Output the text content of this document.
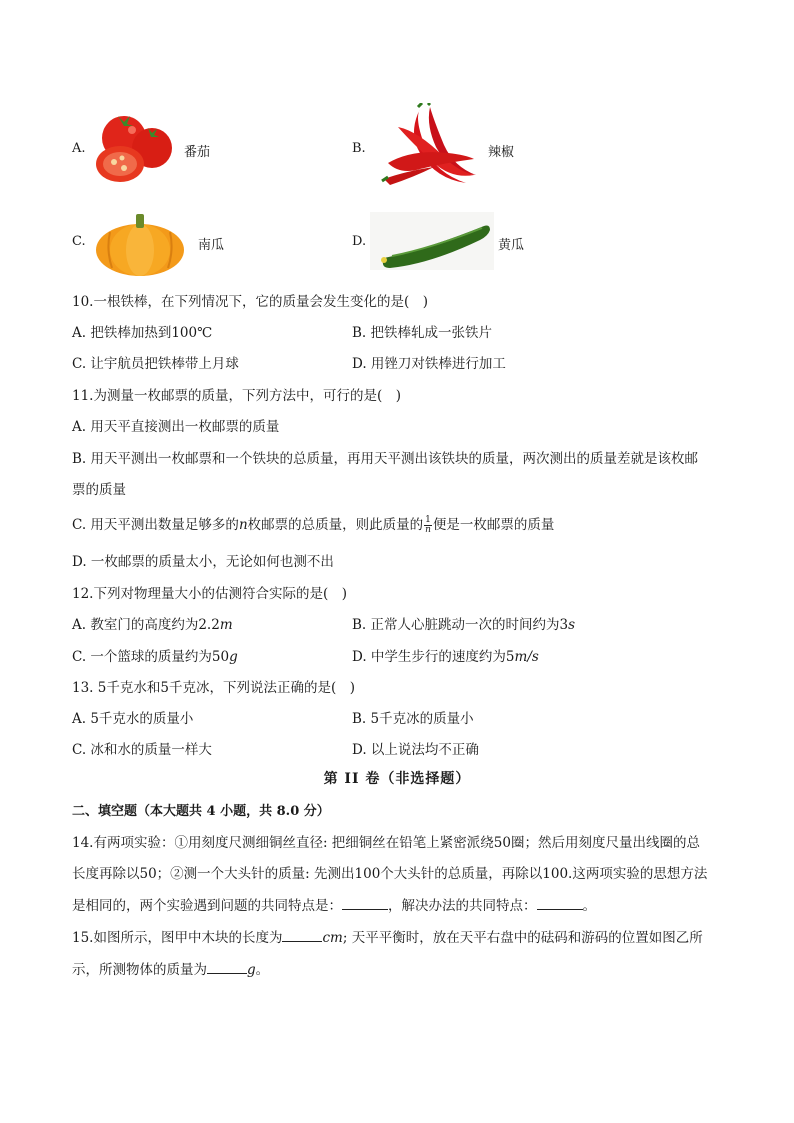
A.	番茄	B.	辣椒
C.	南瓜	D.	黄瓜
10.一根铁棒，在下列情况下，它的质量会发生变化的是(　)
A. 把铁棒加热到100℃	B. 把铁棒轧成一张铁片
C. 让宇航员把铁棒带上月球	D. 用锉刀对铁棒进行加工
11.为测量一枚邮票的质量，下列方法中，可行的是(　)
A. 用天平直接测出一枚邮票的质量
B. 用天平测出一枚邮票和一个铁块的总质量，再用天平测出该铁块的质量，两次测出的质量差就是该枚邮
票的质量
C. 用天平测出数量足够多的n枚邮票的总质量，则此质量的 $\frac{1}{n}$ 便是一枚邮票的质量
D. 一枚邮票的质量太小，无论如何也测不出
12.下列对物理量大小的估测符合实际的是(　)
A. 教室门的高度约为2.2m	B. 正常人心脏跳动一次的时间约为3s
C. 一个篮球的质量约为50g	D. 中学生步行的速度约为5m/s
13. 5千克水和5千克冰，下列说法正确的是(　)
A. 5千克水的质量小	B. 5千克冰的质量小
C. 冰和水的质量一样大	D. 以上说法均不正确
第 II 卷（非选择题）
二、填空题（本大题共 4 小题，共 8.0 分）
14.有两项实验：①用刻度尺测细铜丝直径: 把细铜丝在铅笔上紧密派绕50圈；然后用刻度尺量出线圈的总
长度再除以50；②测一个大头针的质量: 先测出100个大头针的总质量，再除以100.这两项实验的思想方法
是相同的，两个实验遇到问题的共同特点是：	，解决办法的共同特点：	。
15.如图所示，图甲中木块的长度为	cm; 天平平衡时，放在天平右盘中的砝码和游码的位置如图乙所
示，所测物体的质量为	g。
